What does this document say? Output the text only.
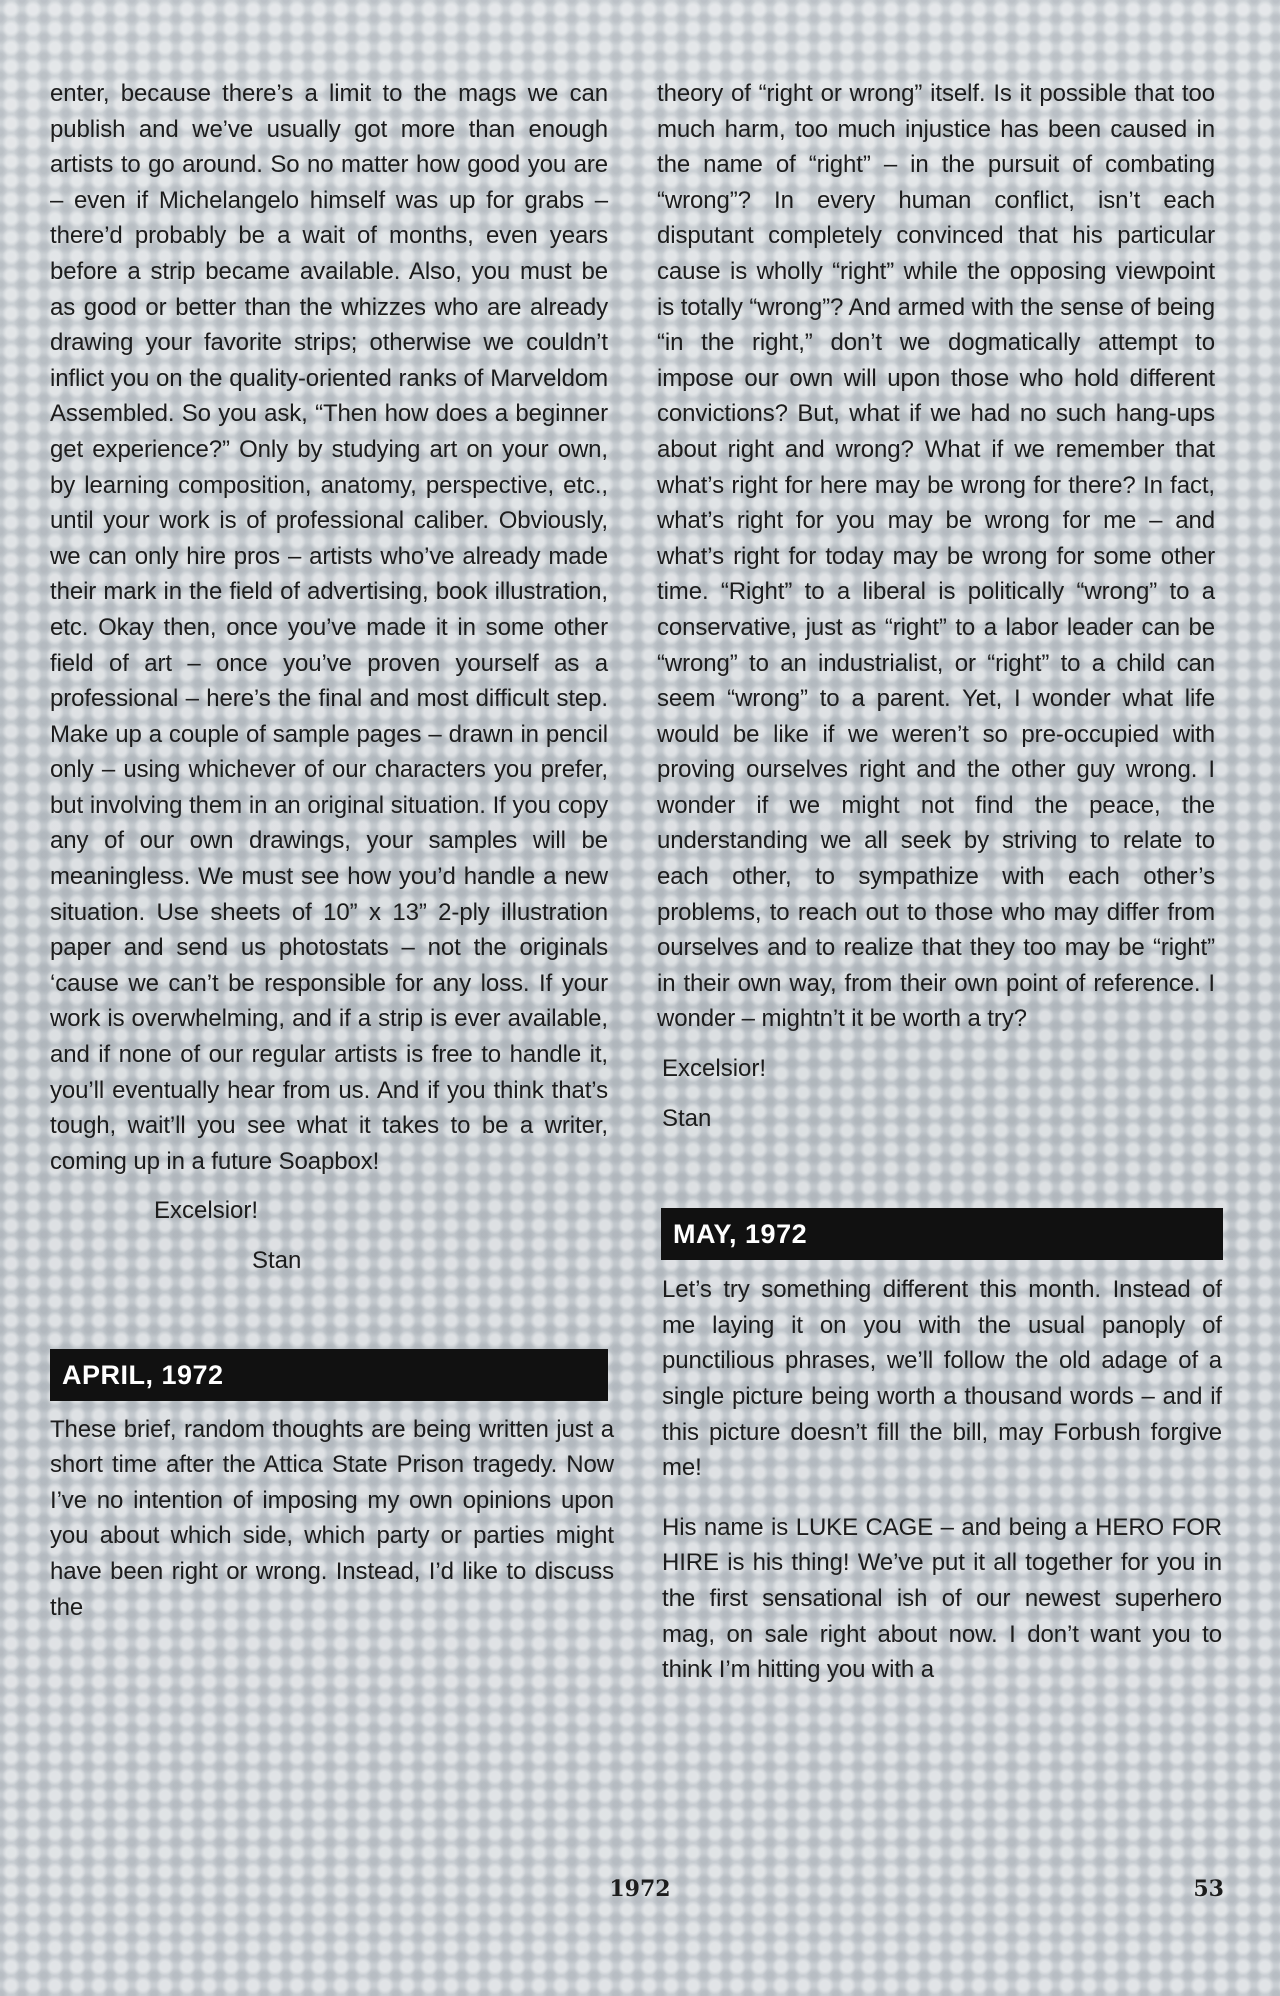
enter, because there’s a limit to the mags we can publish and we’ve usually got more than enough artists to go around. So no matter how good you are – even if Michelangelo himself was up for grabs – there’d probably be a wait of months, even years before a strip became available. Also, you must be as good or better than the whizzes who are already drawing your favorite strips; otherwise we couldn’t inflict you on the quality-oriented ranks of Marveldom Assembled. So you ask, “Then how does a beginner get experience?” Only by studying art on your own, by learning composition, anatomy, perspective, etc., until your work is of professional caliber. Obviously, we can only hire pros – artists who’ve already made their mark in the field of advertising, book illustration, etc. Okay then, once you’ve made it in some other field of art – once you’ve proven yourself as a professional – here’s the final and most difficult step. Make up a couple of sample pages – drawn in pencil only – using whichever of our characters you prefer, but involving them in an original situation. If you copy any of our own drawings, your samples will be meaningless. We must see how you’d handle a new situation. Use sheets of 10” x 13” 2-ply illustration paper and send us photostats – not the originals ‘cause we can’t be responsible for any loss. If your work is overwhelming, and if a strip is ever available, and if none of our regular artists is free to handle it, you’ll eventually hear from us. And if you think that’s tough, wait’ll you see what it takes to be a writer, coming up in a future Soapbox!

Excelsior!

Stan

APRIL, 1972

These brief, random thoughts are being written just a short time after the Attica State Prison tragedy. Now I’ve no intention of imposing my own opinions upon you about which side, which party or parties might have been right or wrong. Instead, I’d like to discuss the

theory of “right or wrong” itself. Is it possible that too much harm, too much injustice has been caused in the name of “right” – in the pursuit of combating “wrong”? In every human conflict, isn’t each disputant completely convinced that his particular cause is wholly “right” while the opposing viewpoint is totally “wrong”? And armed with the sense of being “in the right,” don’t we dogmatically attempt to impose our own will upon those who hold different convictions? But, what if we had no such hang-ups about right and wrong? What if we remember that what’s right for here may be wrong for there? In fact, what’s right for you may be wrong for me – and what’s right for today may be wrong for some other time. “Right” to a liberal is politically “wrong” to a conservative, just as “right” to a labor leader can be “wrong” to an industrialist, or “right” to a child can seem “wrong” to a parent. Yet, I wonder what life would be like if we weren’t so pre-occupied with proving ourselves right and the other guy wrong. I wonder if we might not find the peace, the understanding we all seek by striving to relate to each other, to sympathize with each other’s problems, to reach out to those who may differ from ourselves and to realize that they too may be “right” in their own way, from their own point of reference. I wonder – mightn’t it be worth a try?

Excelsior!

Stan

MAY, 1972

Let’s try something different this month. Instead of me laying it on you with the usual panoply of punctilious phrases, we’ll follow the old adage of a single picture being worth a thousand words – and if this picture doesn’t fill the bill, may Forbush forgive me!

His name is LUKE CAGE – and being a HERO FOR HIRE is his thing! We’ve put it all together for you in the first sensational ish of our newest superhero mag, on sale right about now. I don’t want you to think I’m hitting you with a

1972	53
